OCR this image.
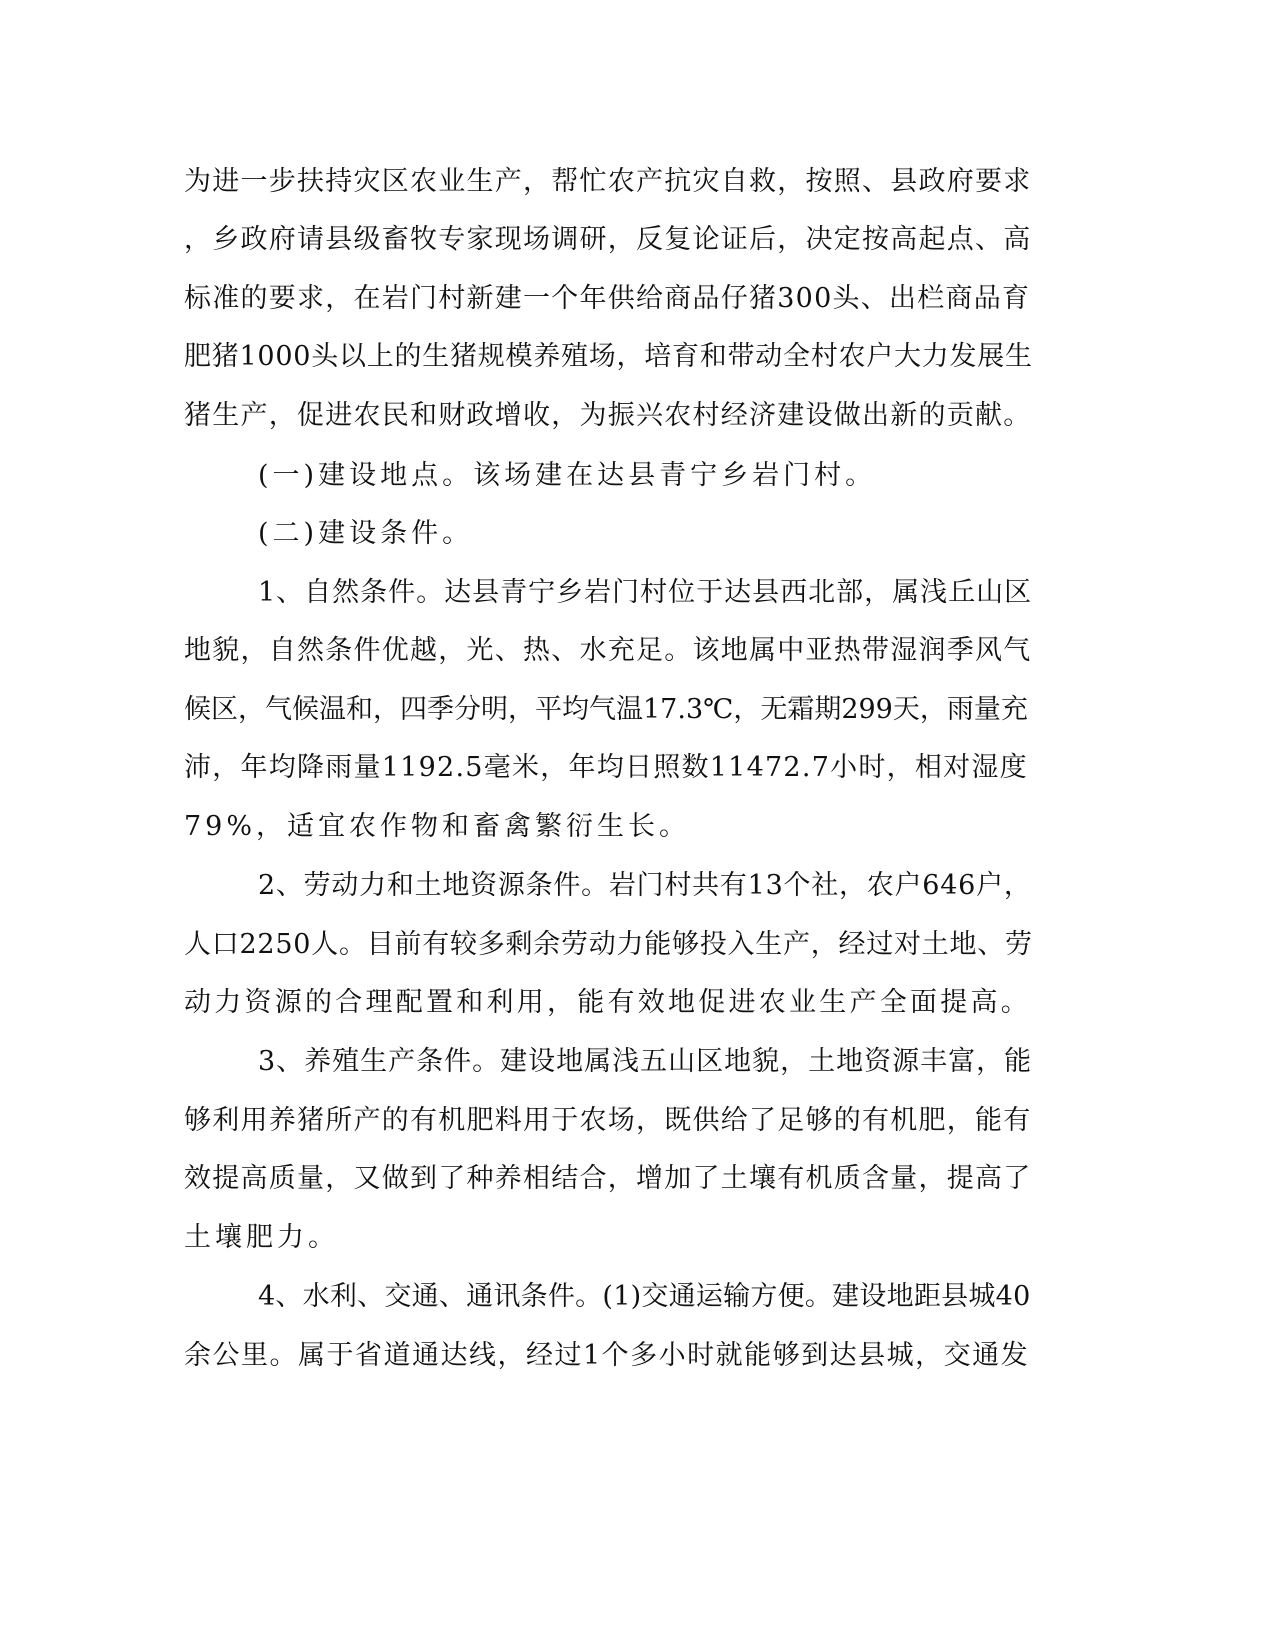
为进一步扶持灾区农业生产，帮忙农产抗灾自救，按照、县政府要求
，乡政府请县级畜牧专家现场调研，反复论证后，决定按高起点、高
标准的要求，在岩门村新建一个年供给商品仔猪300头、出栏商品育
肥猪1000头以上的生猪规模养殖场，培育和带动全村农户大力发展生
猪生产，促进农民和财政增收，为振兴农村经济建设做出新的贡献。
(一)建设地点。该场建在达县青宁乡岩门村。
(二)建设条件。
1、自然条件。达县青宁乡岩门村位于达县西北部，属浅丘山区
地貌，自然条件优越，光、热、水充足。该地属中亚热带湿润季风气
候区，气候温和，四季分明，平均气温17.3℃，无霜期299天，雨量充
沛，年均降雨量1192.5毫米，年均日照数11472.7小时，相对湿度
79%，适宜农作物和畜禽繁衍生长。
2、劳动力和土地资源条件。岩门村共有13个社，农户646户，
人口2250人。目前有较多剩余劳动力能够投入生产，经过对土地、劳
动力资源的合理配置和利用，能有效地促进农业生产全面提高。
3、养殖生产条件。建设地属浅五山区地貌，土地资源丰富，能
够利用养猪所产的有机肥料用于农场，既供给了足够的有机肥，能有
效提高质量，又做到了种养相结合，增加了土壤有机质含量，提高了
土壤肥力。
4、水利、交通、通讯条件。(1)交通运输方便。建设地距县城40
余公里。属于省道通达线，经过1个多小时就能够到达县城，交通发
